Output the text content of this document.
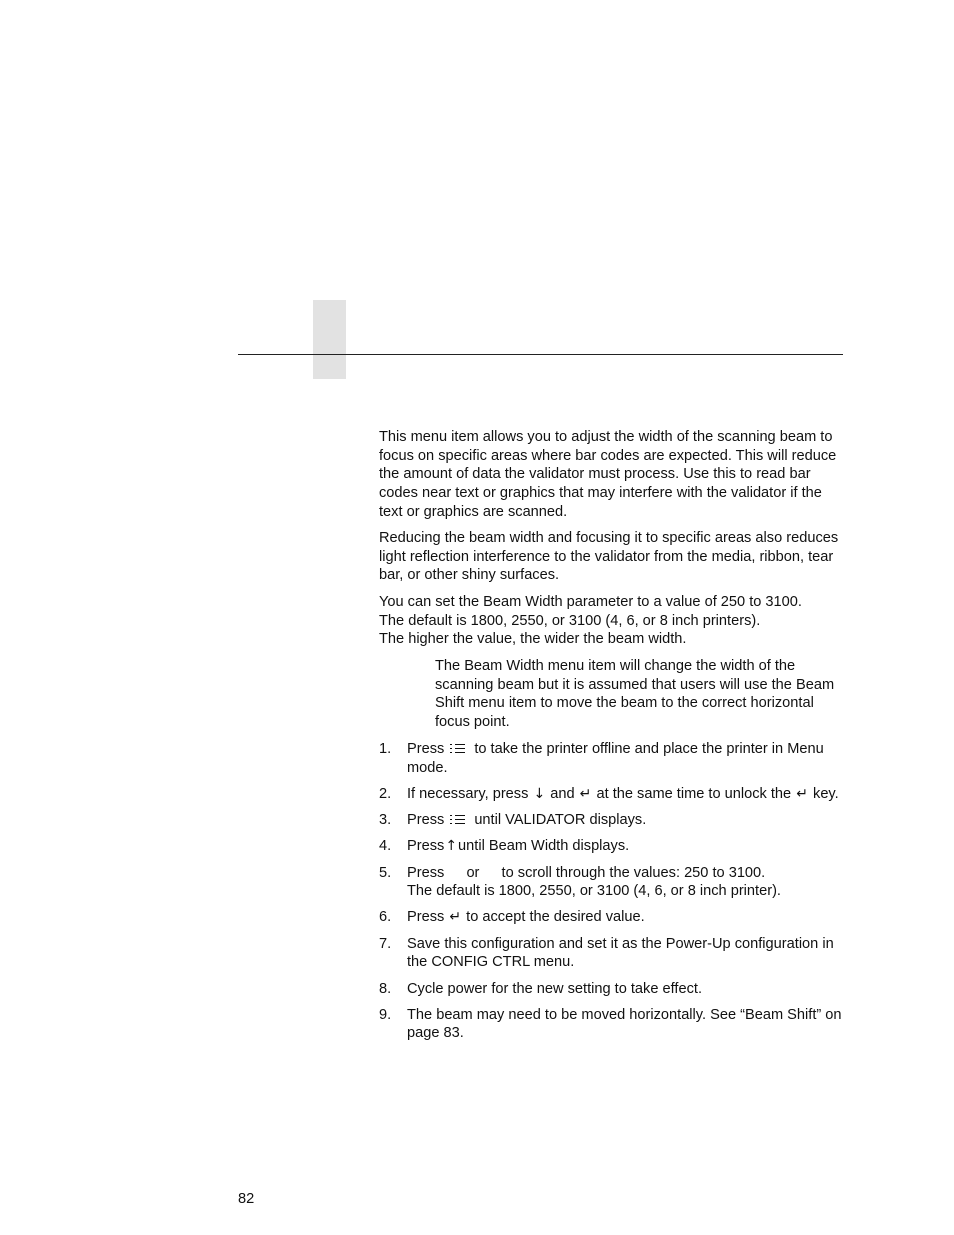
This menu item allows you to adjust the width of the scanning beam to focus on specific areas where bar codes are expected. This will reduce the amount of data the validator must process. Use this to read bar codes near text or graphics that may interfere with the validator if the text or graphics are scanned.

Reducing the beam width and focusing it to specific areas also reduces light reflection interference to the validator from the media, ribbon, tear bar, or other shiny surfaces.

You can set the Beam Width parameter to a value of 250 to 3100.

The default is 1800, 2550, or 3100 (4, 6, or 8 inch printers).

The higher the value, the wider the beam width.

The Beam Width menu item will change the width of the scanning beam but it is assumed that users will use the Beam Shift menu item to move the beam to the correct horizontal focus point.

1.	Press to take the printer offline and place the printer in Menu mode.
2.	If necessary, press ↓ and ↵ at the same time to unlock the ↵ key.
3.	Press until VALIDATOR displays.
4.	Press↑until Beam Width displays.
5.	Press or to scroll through the values: 250 to 3100.
The default is 1800, 2550, or 3100 (4, 6, or 8 inch printer).
6.	Press ↵ to accept the desired value.
7.	Save this configuration and set it as the Power-Up configuration in the CONFIG CTRL menu.
8.	Cycle power for the new setting to take effect.
9.	The beam may need to be moved horizontally. See “Beam Shift” on page 83.
82
